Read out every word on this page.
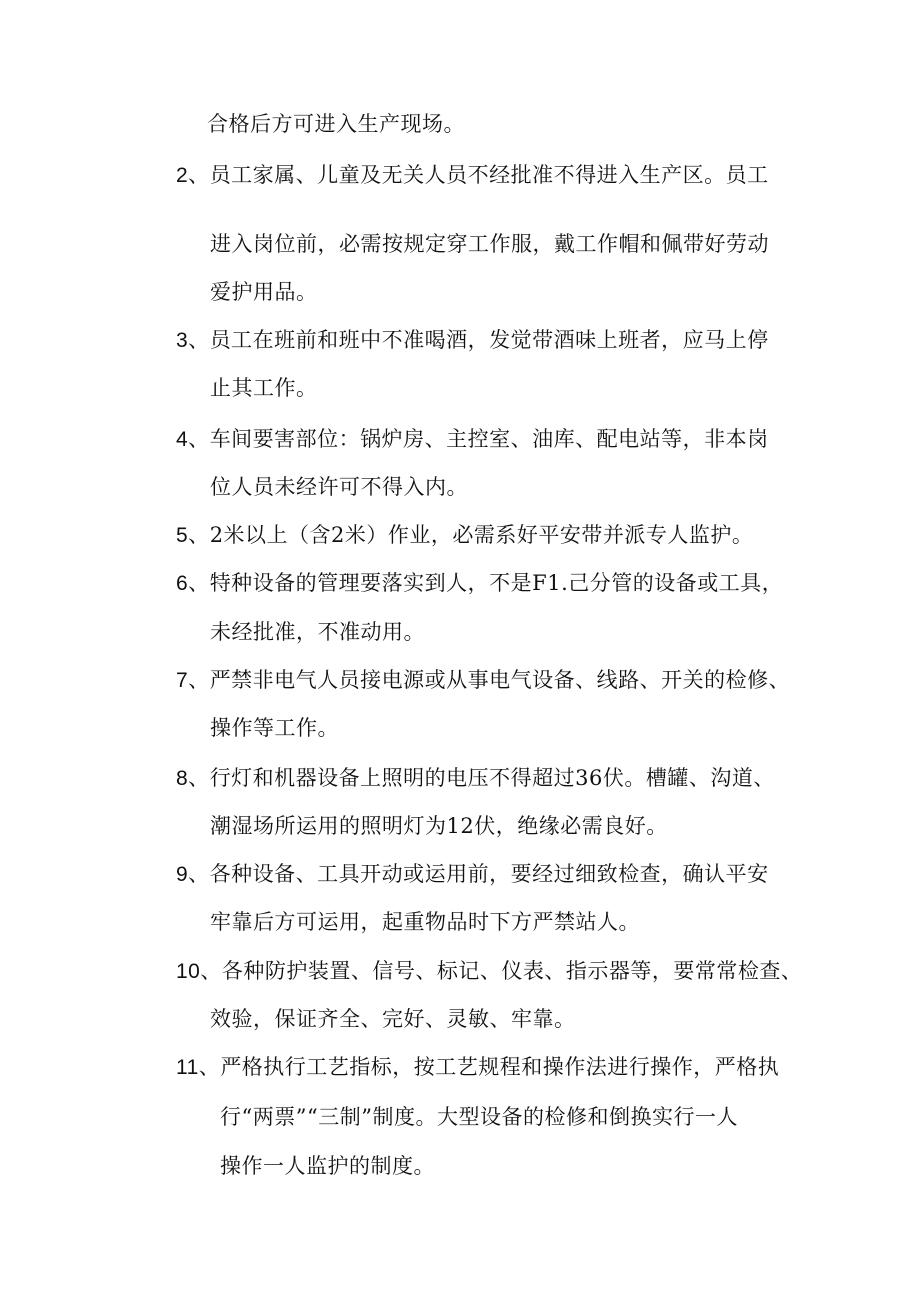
合格后方可进入生产现场。
2、员工家属、儿童及无关人员不经批准不得进入生产区。员工
进入岗位前，必需按规定穿工作服，戴工作帽和佩带好劳动
爱护用品。
3、员工在班前和班中不准喝酒，发觉带酒味上班者，应马上停
止其工作。
4、车间要害部位：锅炉房、主控室、油库、配电站等，非本岗
位人员未经许可不得入内。
5、2米以上（含2米）作业，必需系好平安带并派专人监护。
6、特种设备的管理要落实到人，不是F1.己分管的设备或工具，
未经批准，不准动用。
7、严禁非电气人员接电源或从事电气设备、线路、开关的检修、
操作等工作。
8、行灯和机器设备上照明的电压不得超过36伏。槽罐、沟道、
潮湿场所运用的照明灯为12伏，绝缘必需良好。
9、各种设备、工具开动或运用前，要经过细致检查，确认平安
牢靠后方可运用，起重物品时下方严禁站人。
10、各种防护装置、信号、标记、仪表、指示器等，要常常检查、
效验，保证齐全、完好、灵敏、牢靠。
11、严格执行工艺指标，按工艺规程和操作法进行操作，严格执
行“两票”“三制”制度。大型设备的检修和倒换实行一人
操作一人监护的制度。
